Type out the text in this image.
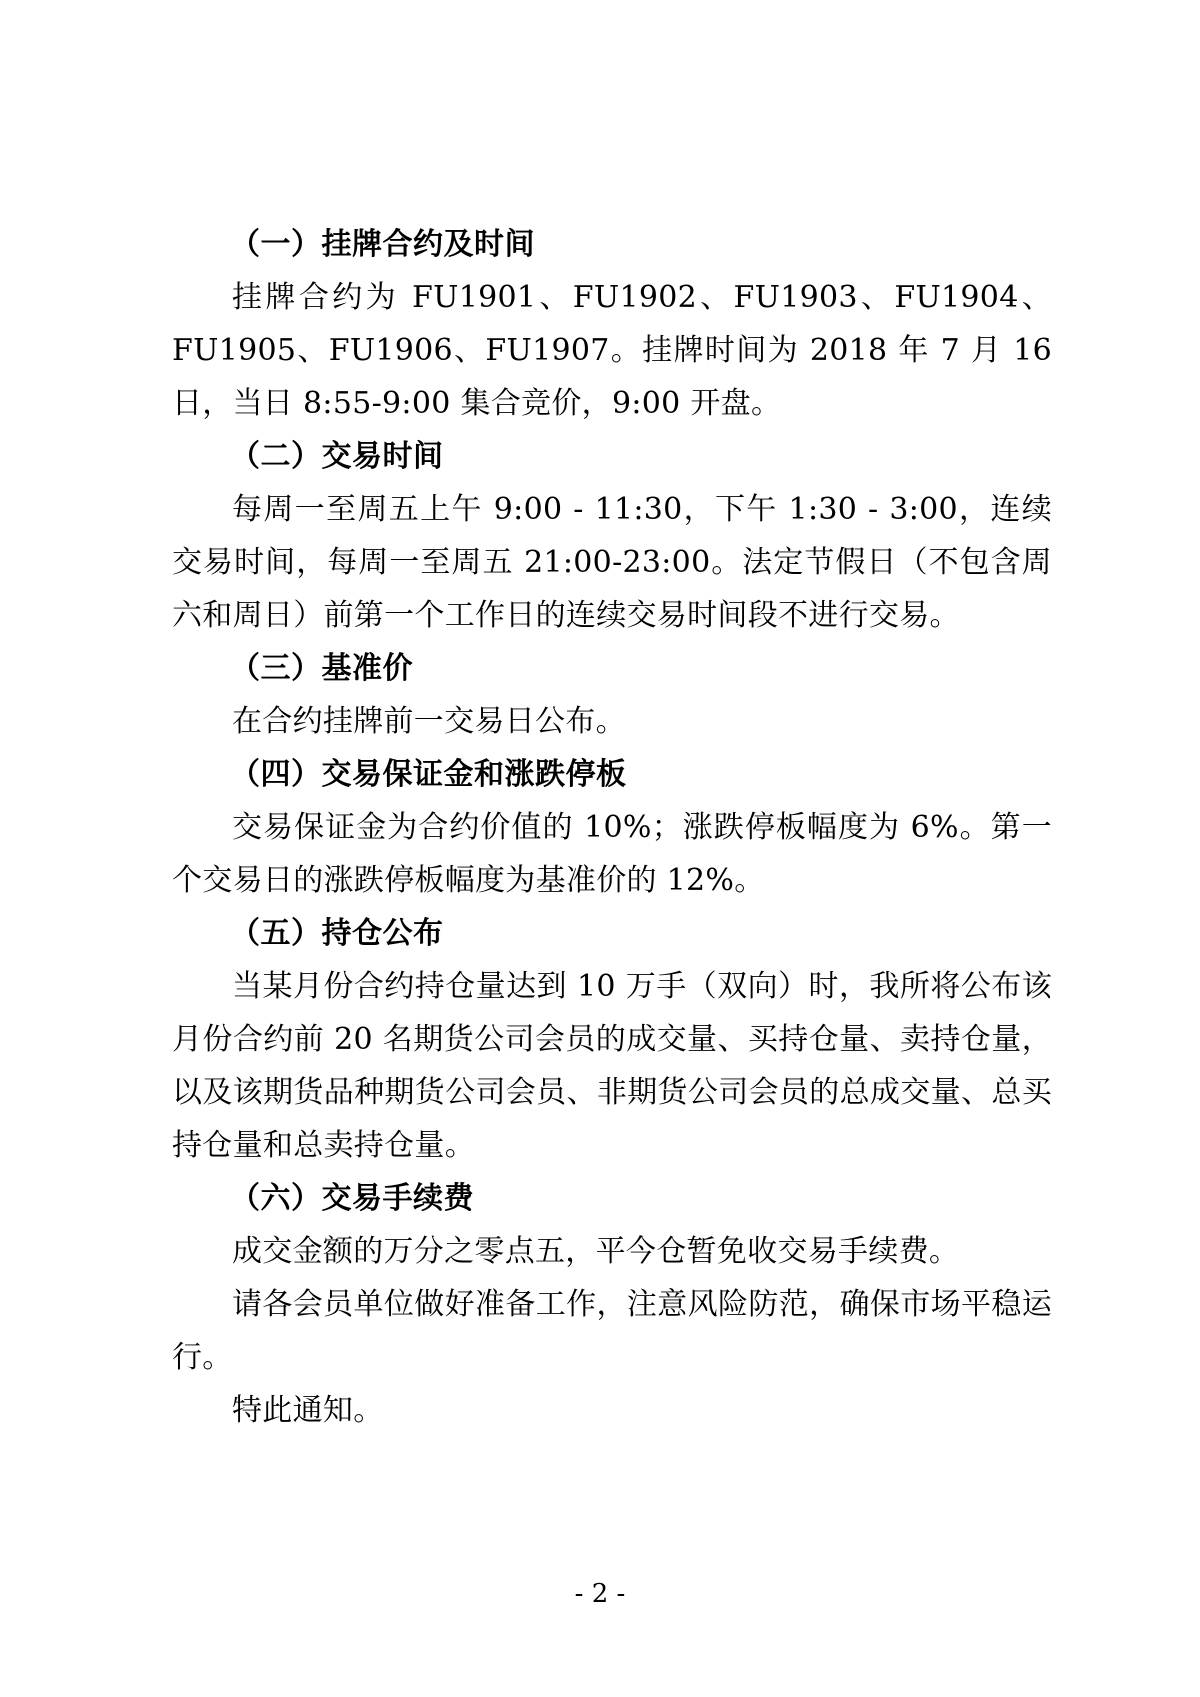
（一）挂牌合约及时间

挂牌合约为 FU1901、FU1902、FU1903、FU1904、FU1905、FU1906、FU1907。挂牌时间为 2018 年 7 月 16 日，当日 8:55-9:00 集合竞价，9:00 开盘。

（二）交易时间

每周一至周五上午 9:00 - 11:30，下午 1:30 - 3:00，连续交易时间，每周一至周五 21:00-23:00。法定节假日（不包含周六和周日）前第一个工作日的连续交易时间段不进行交易。

（三）基准价

在合约挂牌前一交易日公布。

（四）交易保证金和涨跌停板

交易保证金为合约价值的 10%；涨跌停板幅度为 6%。第一个交易日的涨跌停板幅度为基准价的 12%。

（五）持仓公布

当某月份合约持仓量达到 10 万手（双向）时，我所将公布该月份合约前 20 名期货公司会员的成交量、买持仓量、卖持仓量，以及该期货品种期货公司会员、非期货公司会员的总成交量、总买持仓量和总卖持仓量。

（六）交易手续费

成交金额的万分之零点五，平今仓暂免收交易手续费。

请各会员单位做好准备工作，注意风险防范，确保市场平稳运行。

特此通知。

- 2 -
